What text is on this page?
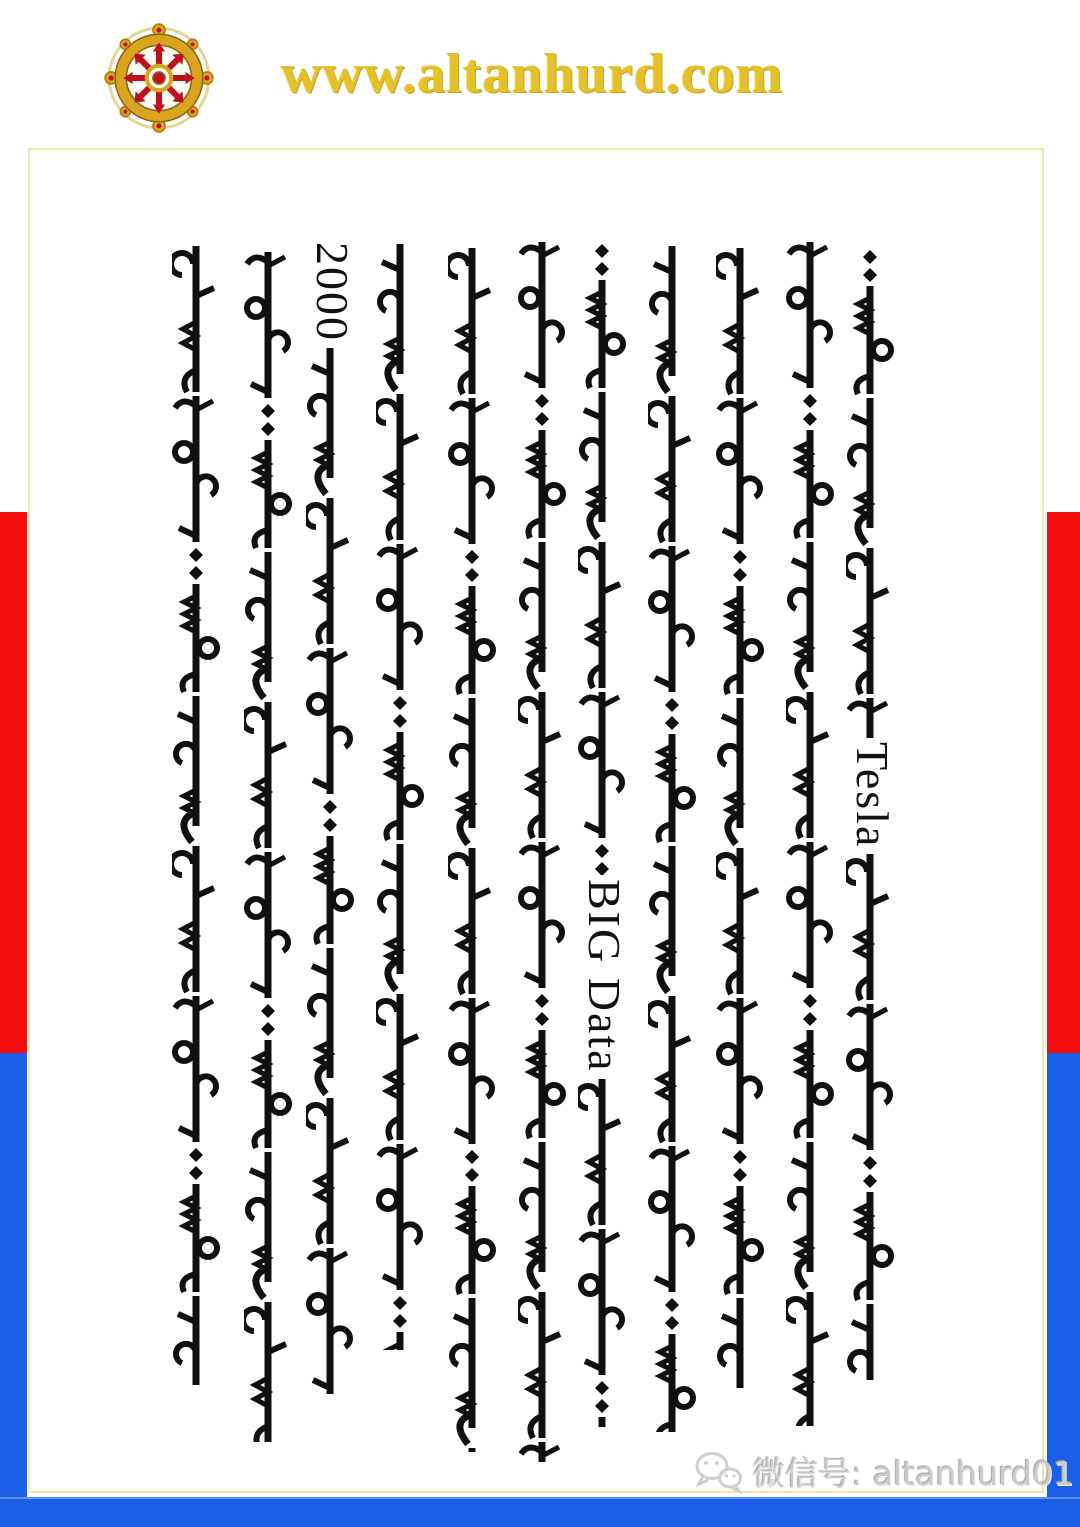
www.altanhurd.com
2000
BIG Data
Tesla
微信号: altanhurd01
